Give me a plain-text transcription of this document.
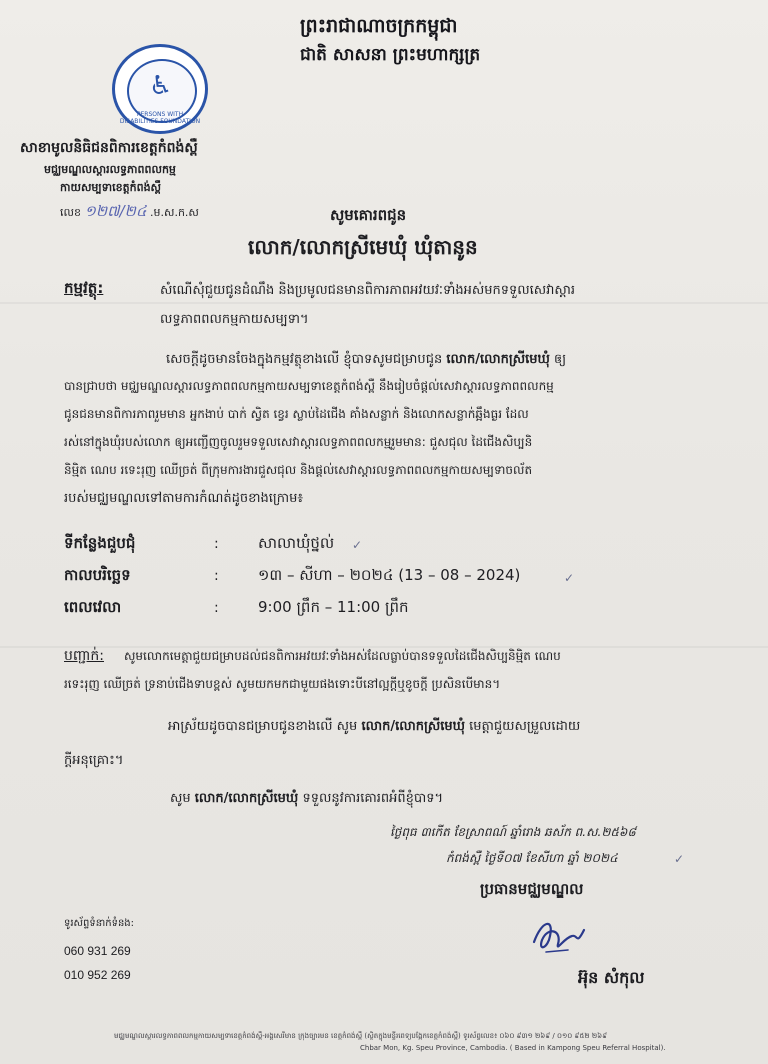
ព្រះរាជាណាចក្រកម្ពុជា
ជាតិ សាសនា ព្រះមហាក្សត្រ
♿
PERSONS WITH DISABILITIES FOUNDATION
សាខាមូលនិធិជនពិការខេត្តកំពង់ស្ពឺ
មជ្ឈមណ្ឌលស្តារលទ្ធភាពពលកម្ម
កាយសម្បទាខេត្តកំពង់ស្ពឺ
លេខ ១២៧/២៤ .ម.ស.ក.ស	សូមគោរពជូន
លោក/លោកស្រីមេឃុំ ឃុំតានូន
កម្មវត្ថុ:	សំណើសុំជួយជូនដំណឹង និងប្រមូលជនមានពិការភាពអវយវៈទាំងអស់មកទទួលសេវាស្តារ
លទ្ធភាពពលកម្មកាយសម្បទា។
សេចក្តីដូចមានចែងក្នុងកម្មវត្ថុខាងលើ ខ្ញុំបាទសូមជម្រាបជូន លោក/លោកស្រីមេឃុំ ឲ្យ
បានជ្រាបថា មជ្ឈមណ្ឌលស្តារលទ្ធភាពពលកម្មកាយសម្បទាខេត្តកំពង់ស្ពឺ នឹងរៀបចំផ្តល់សេវាស្តារលទ្ធភាពពលកម្ម
ជូនជនមានពិការភាពរួមមាន អ្នកងាប់ បាក់ ស្វិត ខ្វេរ ស្លាប់ដៃជើង គាំងសន្លាក់ និងលោកសន្លាក់ឆ្អឹងធ្ងរ ដែល
រស់នៅក្នុងឃុំរបស់លោក ឲ្យអញ្ជើញចូលរួមទទួលសេវាស្តារលទ្ធភាពពលកម្មរួមមាន: ជួសជុល ដៃជើងសិប្បនិ
និម្មិត ណេប រទេះរុញ ឈើច្រត់ ពីក្រុមការងារជួសជុល និងផ្តល់សេវាស្តារលទ្ធភាពពលកម្មកាយសម្បទាចល័ត
របស់មជ្ឈមណ្ឌលទៅតាមការកំណត់ដូចខាងក្រោម៖
ទីកន្លែងជួបជុំ	:	សាលាឃុំថ្នល់ ✓
កាលបរិច្ឆេទ	:	១៣ – សីហា – ២០២៤ (13 – 08 – 2024)	✓
ពេលវេលា	:	9:00 ព្រឹក – 11:00 ព្រឹក
បញ្ជាក់: សូមលោកមេត្តាជួយជម្រាបដល់ជនពិការអវយវៈទាំងអស់ដែលធ្លាប់បានទទួលដៃជើងសិប្បនិម្មិត ណេប
រទេះរុញ ឈើច្រត់ ទ្រនាប់ជើងទាបខ្ពស់ សូមយកមកជាមួយផងទោះបីនៅល្អក្តីឬខូចក្តី ប្រសិនបើមាន។
អាស្រ័យដូចបានជម្រាបជូនខាងលើ សូម លោក/លោកស្រីមេឃុំ មេត្តាជួយសម្រួលដោយ
ក្តីអនុគ្រោះ។
សូម លោក/លោកស្រីមេឃុំ ទទួលនូវការគោរពអំពីខ្ញុំបាទ។
ថ្ងៃពុធ ៣កើត ខែស្រាពណ៍ ឆ្នាំរោង ឆស័ក ព.ស.២៥៦៨
កំពង់ស្ពឺ ថ្ងៃទី០៧ ខែសីហា ឆ្នាំ ២០២៤	✓
ប្រធានមជ្ឈមណ្ឌល
អ៊ុន សំកុល
ទូរស័ព្ទទំនាក់ទំនង:
060 931 269
010 952 269
មជ្ឈមណ្ឌលស្តារលទ្ធភាពពលកម្មកាយសម្បទាខេត្តកំពង់ស្ពឺ-អង្គសេរីមាន ក្រុងច្បារមន ខេត្តកំពង់ស្ពឺ (ស្ថិតក្នុងមន្ទីរពេទ្យបង្អែកខេត្តកំពង់ស្ពឺ) ទូរស័ព្ទលេខ៖ ០៦០ ៩៣១ ២៦៩ / ០១០ ៩៥២ ២៦៩
Chbar Mon, Kg. Speu Province, Cambodia. ( Based in Kampong Speu Referral Hospital).
